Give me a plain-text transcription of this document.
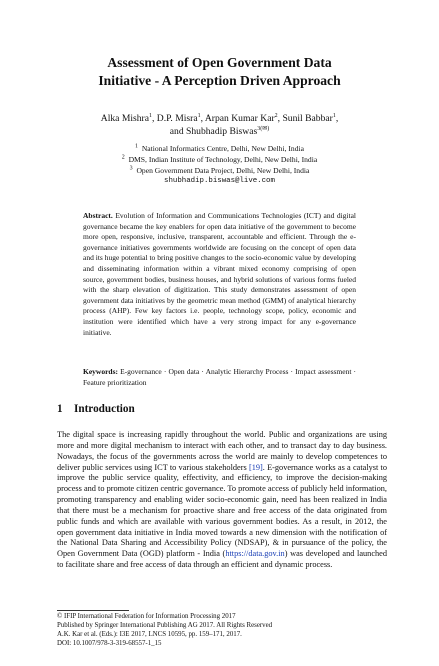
Assessment of Open Government Data
Initiative - A Perception Driven Approach
Alka Mishra$^1$, D.P. Misra$^1$, Arpan Kumar Kar$^2$, Sunil Babbar$^1$,
and Shubhadip Biswas$^{3(✉)}$
$^1$ National Informatics Centre, Delhi, New Delhi, India
$^2$ DMS, Indian Institute of Technology, Delhi, New Delhi, India
$^3$ Open Government Data Project, Delhi, New Delhi, India
shubhadip.biswas@live.com
Abstract. Evolution of Information and Communications Technologies (ICT) and digital governance became the key enablers for open data initiative of the government to become more open, responsive, inclusive, transparent, accountable and efficient. Through the e-governance initiatives governments worldwide are focusing on the concept of open data and its huge potential to bring positive changes to the socio-economic value by developing and disseminating information within a vibrant mixed economy comprising of open source, government bodies, business houses, and hybrid solutions of various forms fueled with the sharp elevation of digitization. This study demonstrates assessment of open government data initiatives by the geometric mean method (GMM) of analytical hierarchy process (AHP). Few key factors i.e. people, technology scope, policy, economic and institution were identified which have a very strong impact for any e-governance initiative.
Keywords: E-governance · Open data · Analytic Hierarchy Process · Impact assessment · Feature prioritization
1 Introduction
The digital space is increasing rapidly throughout the world. Public and organizations are using more and more digital mechanism to interact with each other, and to transact day to day business. Nowadays, the focus of the governments across the world are mainly to develop competences to deliver public services using ICT to various stakeholders [19]. E-governance works as a catalyst to improve the public service quality, effectivity, and efficiency, to improve the decision-making process and to promote citizen centric governance. To promote access of publicly held information, promoting transparency and enabling wider socio-economic gain, need has been realized in India that there must be a mechanism for proactive share and free access of the data originated from public funds and which are available with various government bodies. As a result, in 2012, the open government data initiative in India moved towards a new dimension with the notification of the National Data Sharing and Accessibility Policy (NDSAP), & in pursuance of the policy, the Open Government Data (OGD) platform - India (https://data.gov.in) was developed and launched to facilitate share and free access of data through an efficient and dynamic process.
© IFIP International Federation for Information Processing 2017
Published by Springer International Publishing AG 2017. All Rights Reserved
A.K. Kar et al. (Eds.): I3E 2017, LNCS 10595, pp. 159–171, 2017.
DOI: 10.1007/978-3-319-68557-1_15
